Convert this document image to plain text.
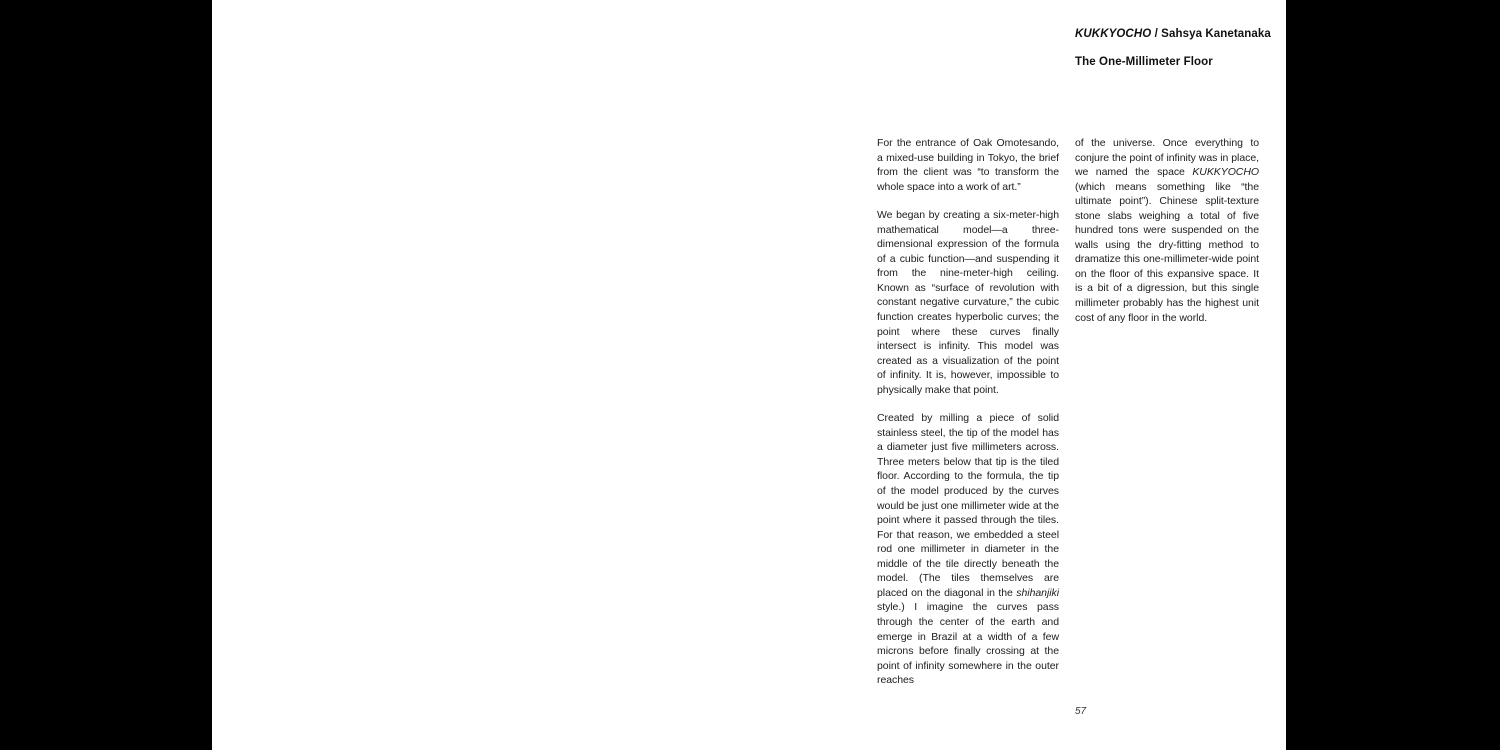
KUKKYOCHO / Sahsya Kanetanaka

The One-Millimeter Floor

For the entrance of Oak Omotesando, a mixed-use building in Tokyo, the brief from the client was “to transform the whole space into a work of art.”

We began by creating a six-meter-high mathematical model—a three-dimensional expression of the formula of a cubic function—and suspending it from the nine-meter-high ceiling. Known as “surface of revolution with constant negative curvature,” the cubic function creates hyperbolic curves; the point where these curves finally intersect is infinity. This model was created as a visualization of the point of infinity. It is, however, impossible to physically make that point.

Created by milling a piece of solid stainless steel, the tip of the model has a diameter just five millimeters across. Three meters below that tip is the tiled floor. According to the formula, the tip of the model produced by the curves would be just one millimeter wide at the point where it passed through the tiles. For that reason, we embedded a steel rod one millimeter in diameter in the middle of the tile directly beneath the model. (The tiles themselves are placed on the diagonal in the shihanjiki style.) I imagine the curves pass through the center of the earth and emerge in Brazil at a width of a few microns before finally crossing at the point of infinity somewhere in the outer reaches

of the universe. Once everything to conjure the point of infinity was in place, we named the space KUKKYOCHO (which means something like “the ultimate point”). Chinese split-texture stone slabs weighing a total of five hundred tons were suspended on the walls using the dry-fitting method to dramatize this one-millimeter-wide point on the floor of this expansive space. It is a bit of a digression, but this single millimeter probably has the highest unit cost of any floor in the world.

57
